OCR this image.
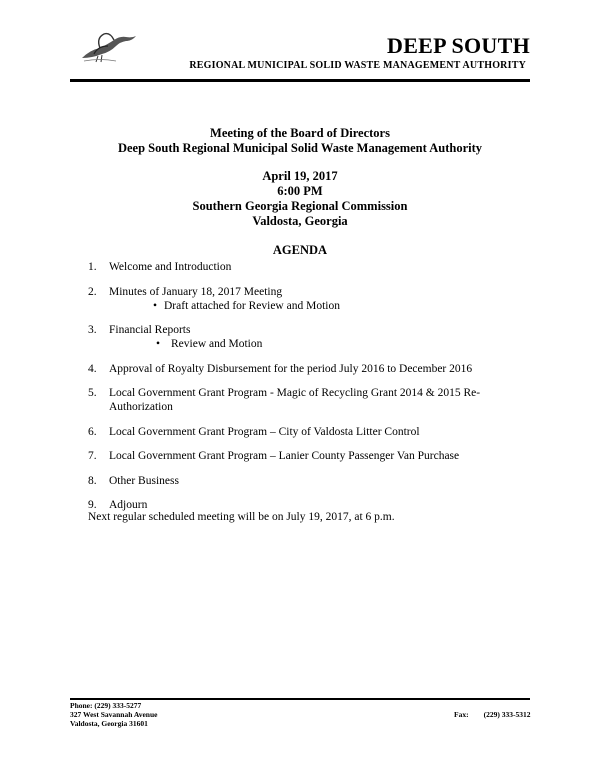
DEEP SOUTH
REGIONAL MUNICIPAL SOLID WASTE MANAGEMENT AUTHORITY
Meeting of the Board of Directors
Deep South Regional Municipal Solid Waste Management Authority
April 19, 2017
6:00 PM
Southern Georgia Regional Commission
Valdosta, Georgia
AGENDA
1. Welcome and Introduction
2. Minutes of January 18, 2017 Meeting
• Draft attached for Review and Motion
3. Financial Reports
• Review and Motion
4. Approval of Royalty Disbursement for the period July 2016 to December 2016
5. Local Government Grant Program - Magic of Recycling Grant 2014 & 2015 Re-Authorization
6. Local Government Grant Program – City of Valdosta Litter Control
7. Local Government Grant Program – Lanier County Passenger Van Purchase
8. Other Business
9. Adjourn
Next regular scheduled meeting will be on July 19, 2017, at 6 p.m.
Phone: (229) 333-5277
327 West Savannah Avenue
Valdosta, Georgia 31601
Fax: (229) 333-5312
